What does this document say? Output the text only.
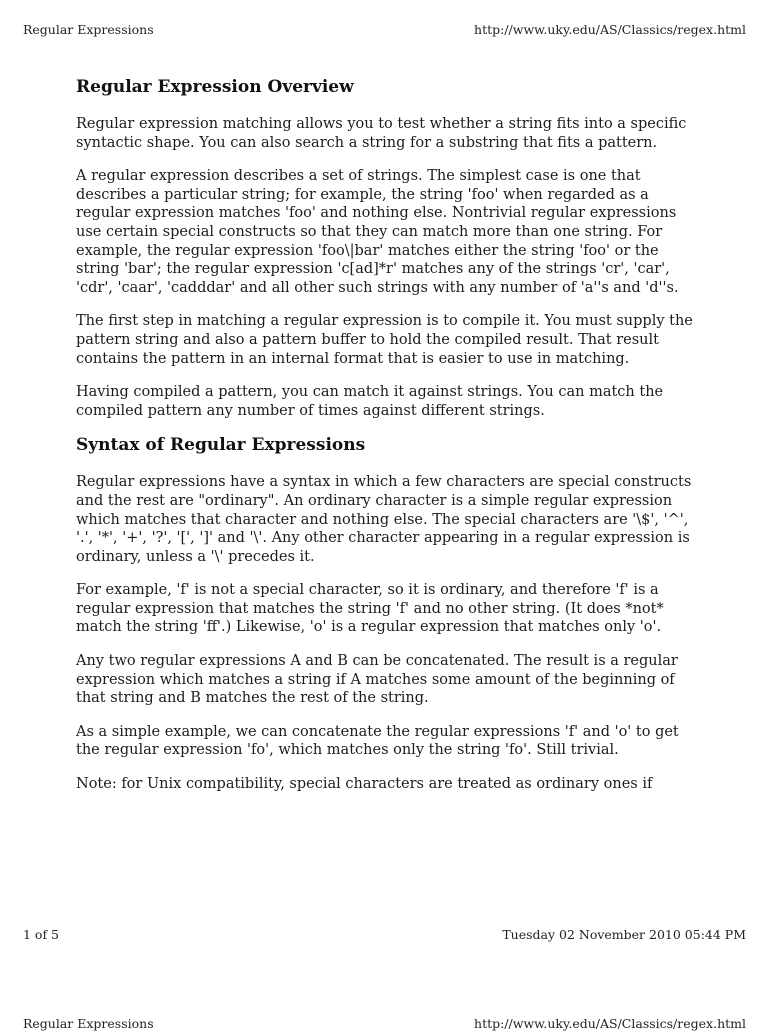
Regular Expressions	http://www.uky.edu/AS/Classics/regex.html
Regular Expression Overview

Regular expression matching allows you to test whether a string fits into a specific syntactic shape. You can also search a string for a substring that fits a pattern.

A regular expression describes a set of strings. The simplest case is one that describes a particular string; for example, the string 'foo' when regarded as a regular expression matches 'foo' and nothing else. Nontrivial regular expressions use certain special constructs so that they can match more than one string. For example, the regular expression 'foo\|bar' matches either the string 'foo' or the string 'bar'; the regular expression 'c[ad]*r' matches any of the strings 'cr', 'car', 'cdr', 'caar', 'cadddar' and all other such strings with any number of 'a''s and 'd''s.

The first step in matching a regular expression is to compile it. You must supply the pattern string and also a pattern buffer to hold the compiled result. That result contains the pattern in an internal format that is easier to use in matching.

Having compiled a pattern, you can match it against strings. You can match the compiled pattern any number of times against different strings.

Syntax of Regular Expressions

Regular expressions have a syntax in which a few characters are special constructs and the rest are "ordinary". An ordinary character is a simple regular expression which matches that character and nothing else. The special characters are '\$', '^', '.', '*', '+', '?', '[', ']' and '\'. Any other character appearing in a regular expression is ordinary, unless a '\' precedes it.

For example, 'f' is not a special character, so it is ordinary, and therefore 'f' is a regular expression that matches the string 'f' and no other string. (It does *not* match the string 'ff'.) Likewise, 'o' is a regular expression that matches only 'o'.

Any two regular expressions A and B can be concatenated. The result is a regular expression which matches a string if A matches some amount of the beginning of that string and B matches the rest of the string.

As a simple example, we can concatenate the regular expressions 'f' and 'o' to get the regular expression 'fo', which matches only the string 'fo'. Still trivial.

Note: for Unix compatibility, special characters are treated as ordinary ones if

1 of 5	Tuesday 02 November 2010 05:44 PM
Regular Expressions	http://www.uky.edu/AS/Classics/regex.html
